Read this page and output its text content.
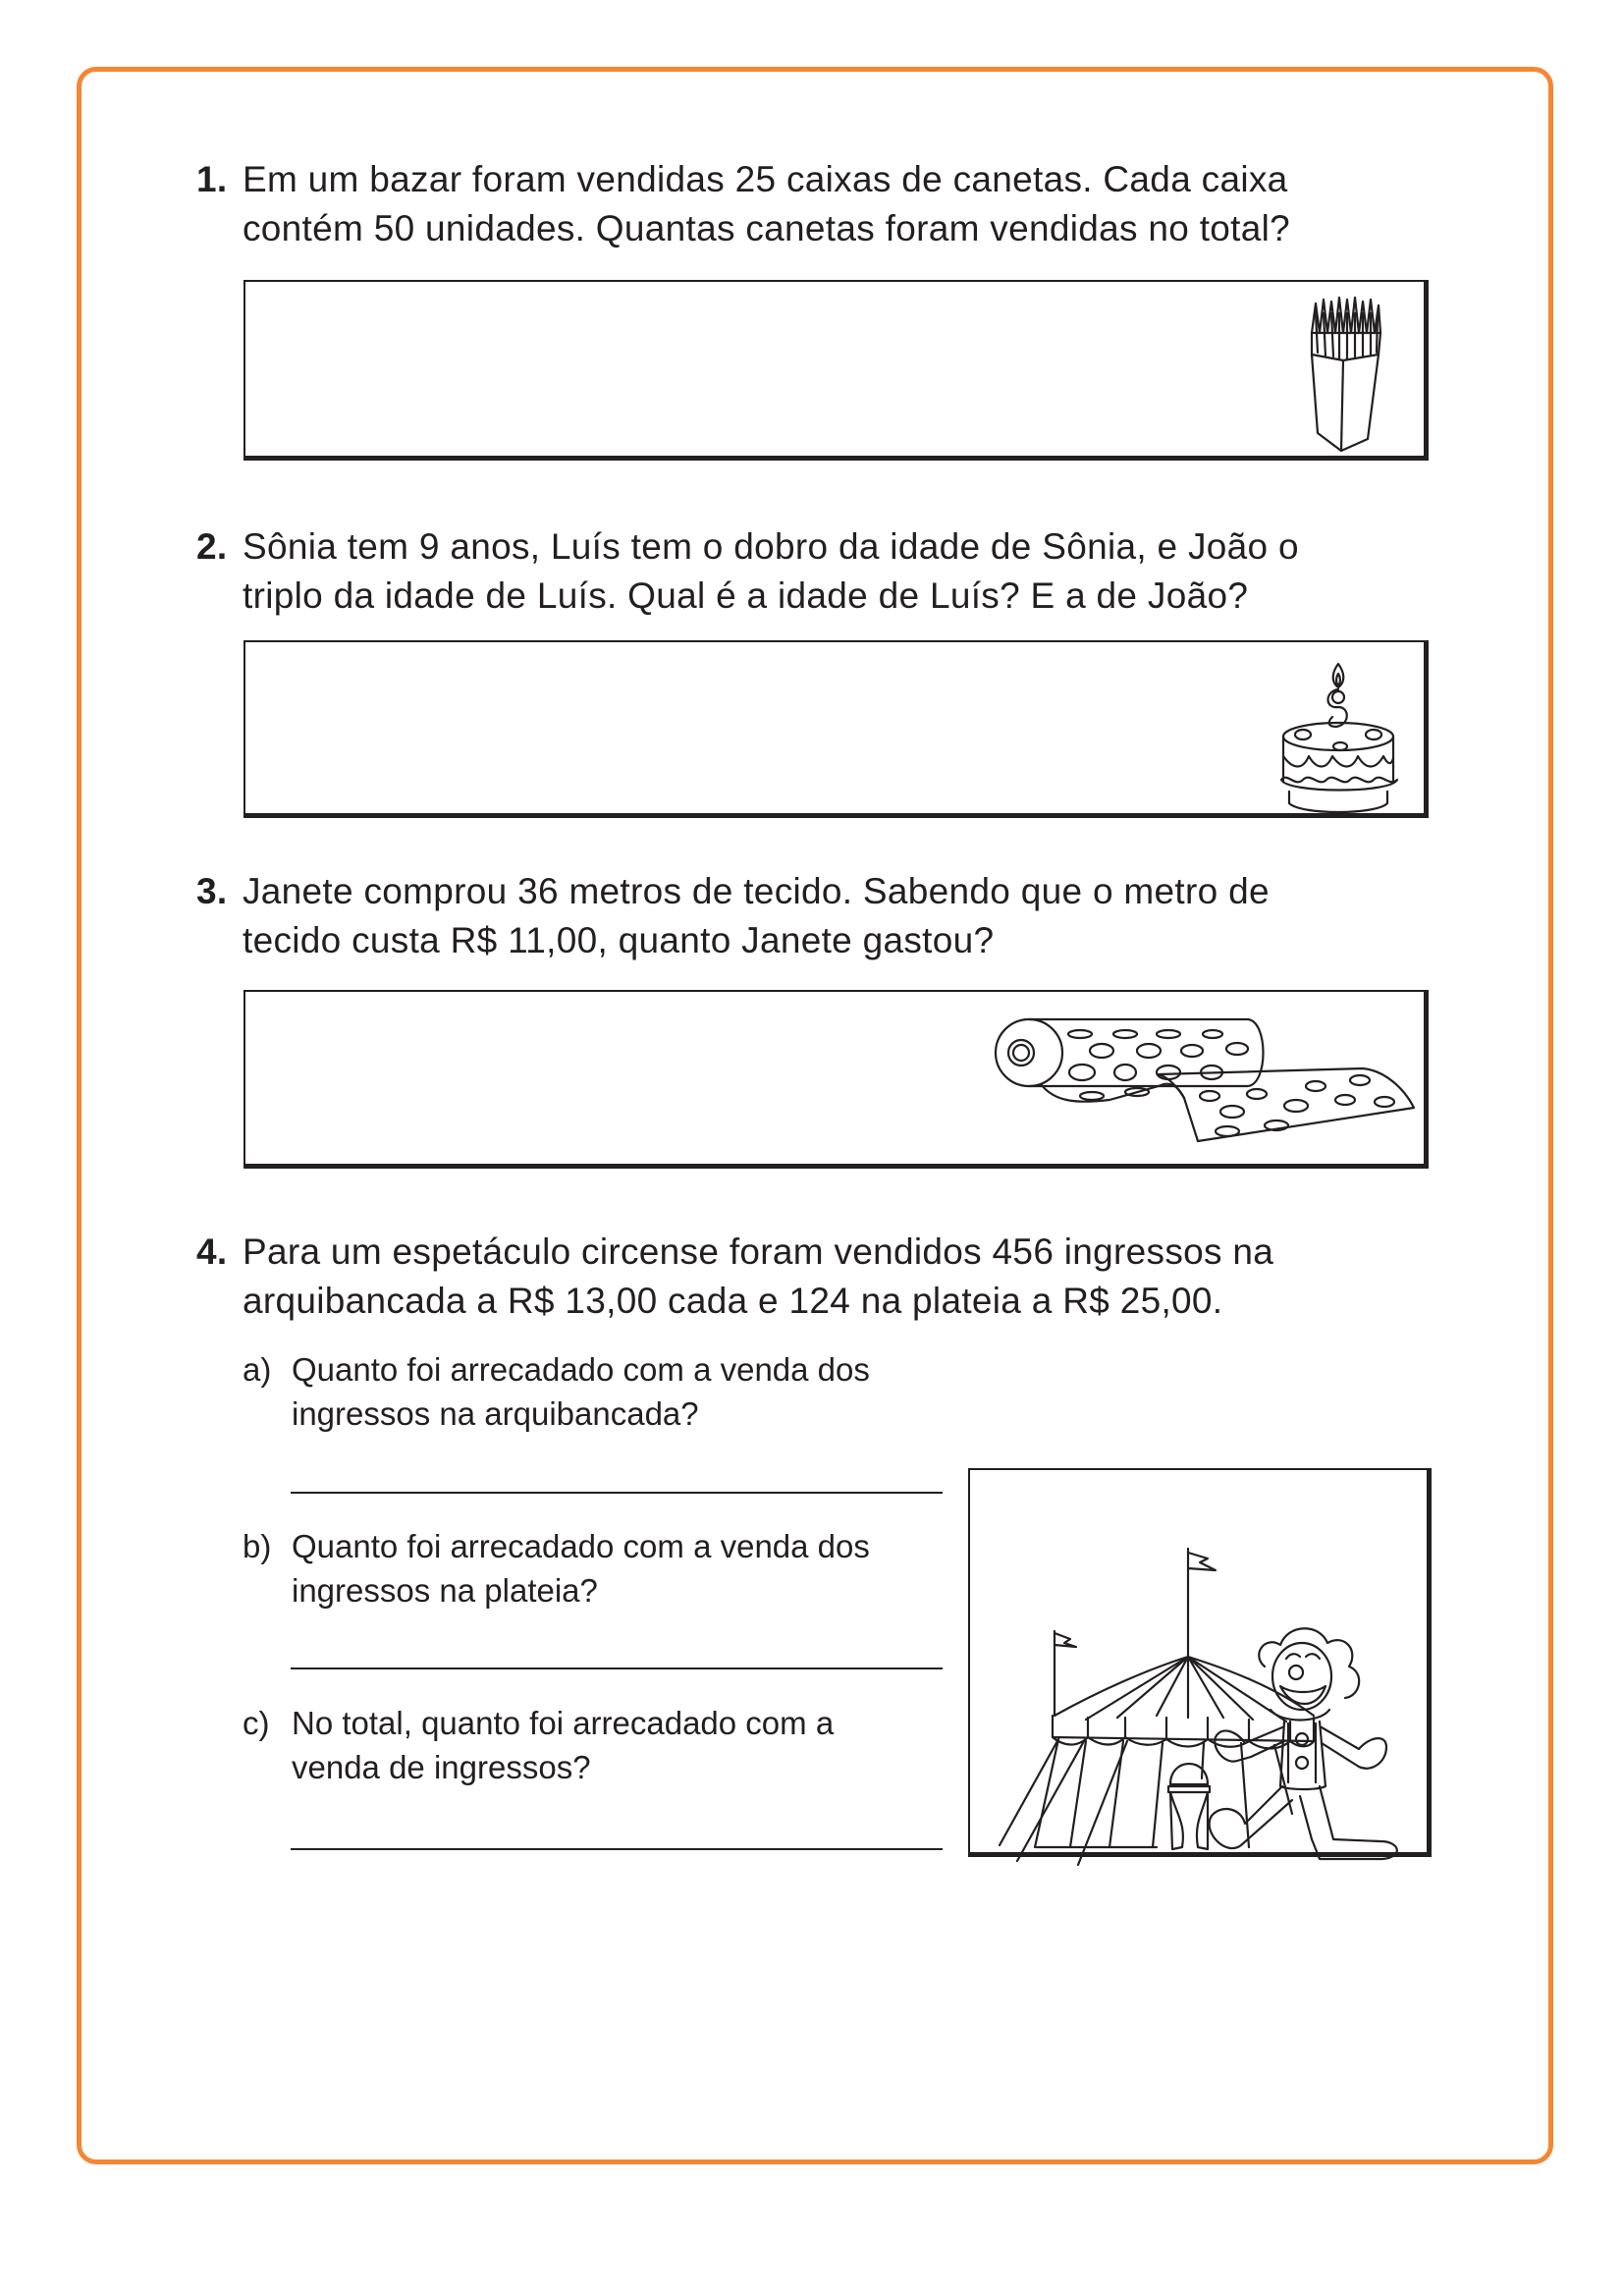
1. Em um bazar foram vendidas 25 caixas de canetas. Cada caixa
contém 50 unidades. Quantas canetas foram vendidas no total?
2. Sônia tem 9 anos, Luís tem o dobro da idade de Sônia, e João o
triplo da idade de Luís. Qual é a idade de Luís? E a de João?
3. Janete comprou 36 metros de tecido. Sabendo que o metro de
tecido custa R$ 11,00, quanto Janete gastou?
4. Para um espetáculo circense foram vendidos 456 ingressos na
arquibancada a R$ 13,00 cada e 124 na plateia a R$ 25,00.
a) Quanto foi arrecadado com a venda dos
ingressos na arquibancada?
b) Quanto foi arrecadado com a venda dos
ingressos na plateia?
c) No total, quanto foi arrecadado com a
venda de ingressos?
